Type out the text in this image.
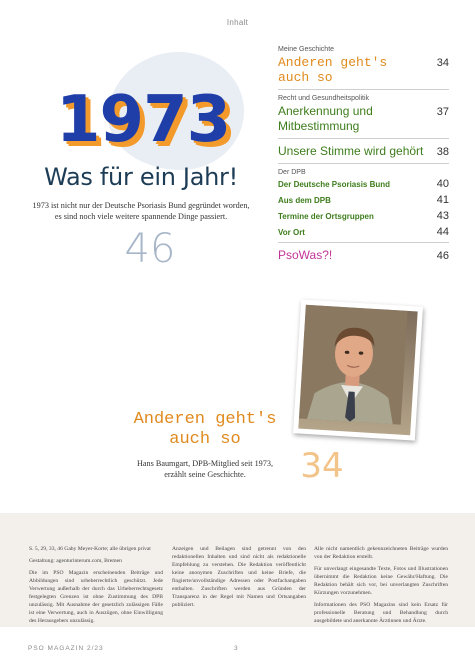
Inhalt
1973
Was für ein Jahr!
1973 ist nicht nur der Deutsche Psoriasis Bund gegründet worden, es sind noch viele weitere spannende Dinge passiert.
46
Meine Geschichte
Anderen geht's
auch so
34
Recht und Gesundheitspolitik
Anerkennung und
Mitbestimmung
37
Unsere Stimme wird gehört 38
Der DPB
Der Deutsche Psoriasis Bund	40
Aus dem DPB	41
Termine der Ortsgruppen	43
Vor Ort	44
PsoWas?!	46
Anderen geht's
auch so
Hans Baumgart, DPB-Mitglied seit 1973,
erzählt seine Geschichte.	34

S. 5, 29, 33, 46 Gaby Meyer-Korte; alle übrigen privat

Gestaltung: agenturinterum.com, Bremen

Die im PSO Magazin erscheinenden Beiträge und Abbildungen sind urheberrechtlich geschützt. Jede Verwertung außerhalb der durch das Urheberrechtsgesetz festgelegten Grenzen ist ohne Zustimmung des DPB unzulässig. Mit Ausnahme der gesetzlich zulässigen Fälle ist eine Verwertung, auch in Auszügen, ohne Einwilligung des Herausgebers unzulässig.

Anzeigen und Beilagen sind getrennt von den redaktionellen Inhalten und sind nicht als redaktionelle Empfehlung zu verstehen. Die Redaktion veröffentlicht keine anonymen Zuschriften und keine Briefe, die fingierte/unvollständige Adressen oder Postfachangaben enthalten. Zuschriften werden aus Gründen der Transparenz in der Regel mit Namen und Ortsangaben publiziert.

Alle nicht namentlich gekennzeichneten Beiträge wurden von der Redaktion erstellt.

Für unverlangt eingesandte Texte, Fotos und Illustrationen übernimmt die Redaktion keine Gewähr/Haftung. Die Redaktion behält sich vor, bei unverlangten Zuschriften Kürzungen vorzunehmen.

Informationen des PSO Magazins sind kein Ersatz für professionelle Beratung und Behandlung durch ausgebildete und anerkannte Ärztinnen und Ärzte.

PSO MAGAZIN 2/23	3
